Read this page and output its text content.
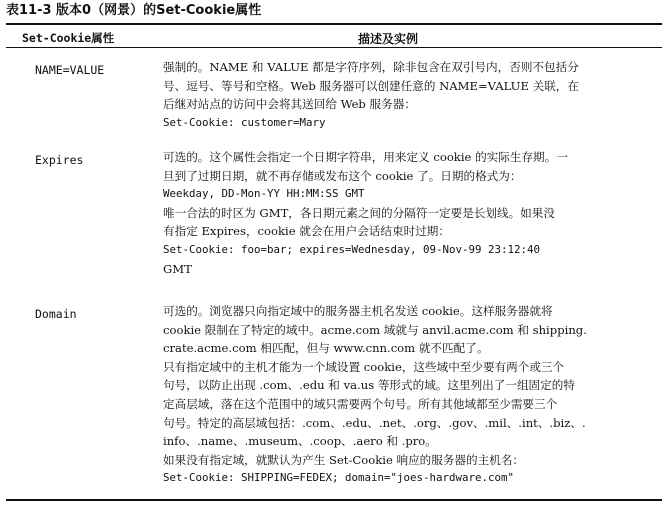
表11-3 版本0（网景）的Set-Cookie属性
Set-Cookie属性	描述及实例
NAME=VALUE	强制的。NAME 和 VALUE 都是字符序列，除非包含在双引号内，否则不包括分
号、逗号、等号和空格。Web 服务器可以创建任意的 NAME=VALUE 关联，在
后继对站点的访问中会将其送回给 Web 服务器：
Set-Cookie: customer=Mary
Expires	可选的。这个属性会指定一个日期字符串，用来定义 cookie 的实际生存期。一
旦到了过期日期，就不再存储或发布这个 cookie 了。日期的格式为：
Weekday, DD-Mon-YY HH:MM:SS GMT
唯一合法的时区为 GMT，各日期元素之间的分隔符一定要是长划线。如果没
有指定 Expires，cookie 就会在用户会话结束时过期：
Set-Cookie: foo=bar; expires=Wednesday, 09-Nov-99 23:12:40
GMT
Domain	可选的。浏览器只向指定域中的服务器主机名发送 cookie。这样服务器就将
cookie 限制在了特定的域中。acme.com 域就与 anvil.acme.com 和 shipping.
crate.acme.com 相匹配，但与 www.cnn.com 就不匹配了。
只有指定域中的主机才能为一个域设置 cookie，这些域中至少要有两个或三个
句号，以防止出现 .com、.edu 和 va.us 等形式的域。这里列出了一组固定的特
定高层域，落在这个范围中的域只需要两个句号。所有其他域都至少需要三个
句号。特定的高层域包括：.com、.edu、.net、.org、.gov、.mil、.int、.biz、.
info、.name、.museum、.coop、.aero 和 .pro。
如果没有指定域，就默认为产生 Set-Cookie 响应的服务器的主机名：
Set-Cookie: SHIPPING=FEDEX; domain="joes-hardware.com"
